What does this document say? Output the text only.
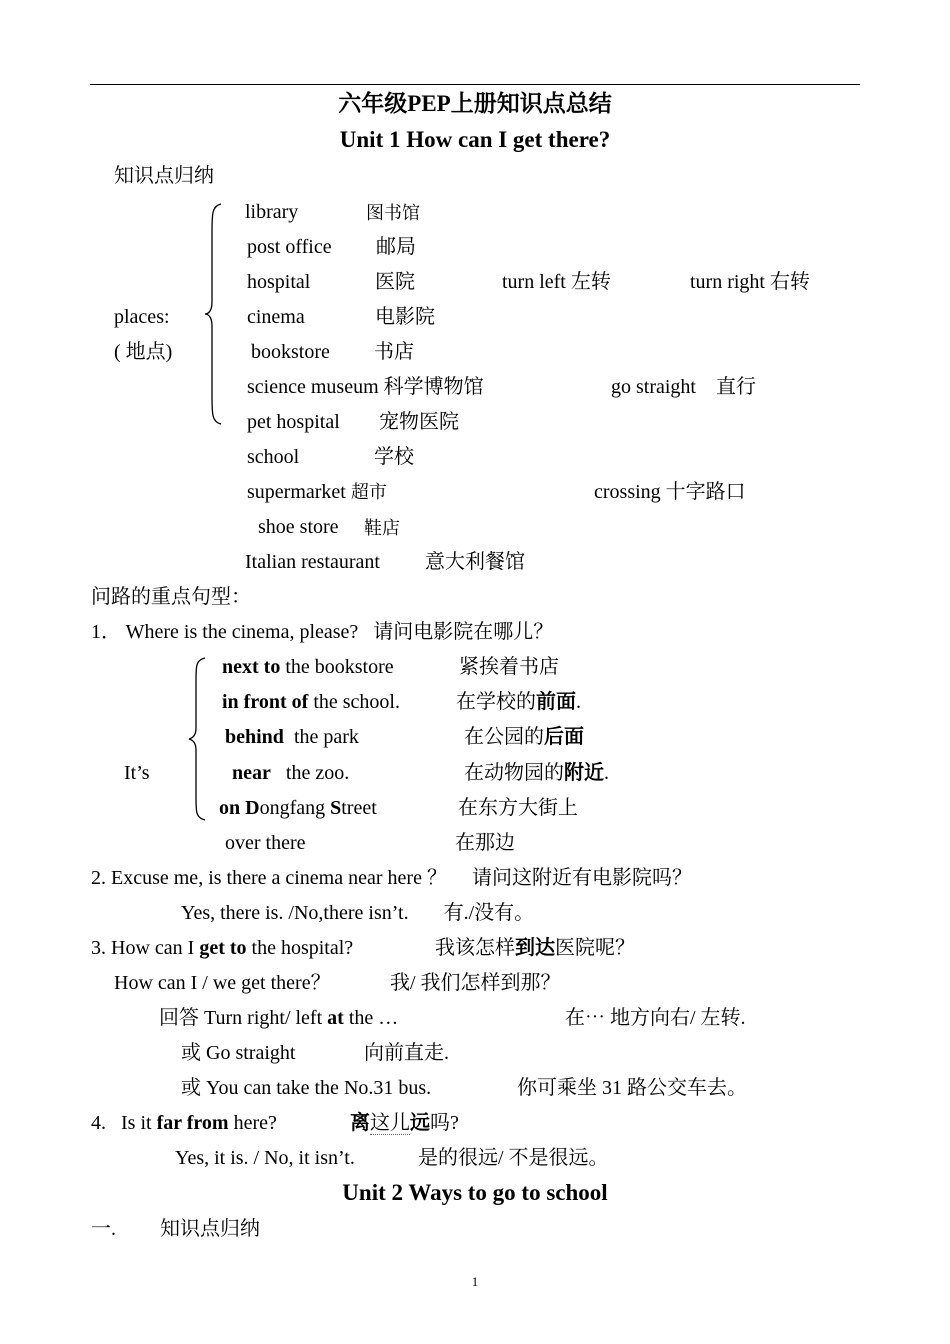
六年级PEP上册知识点总结
Unit 1 How can I get there?
知识点归纳
places:
( 地点)
library	图书馆
post office 邮局
hospital	医院	turn left 左转	turn right 右转
cinema	电影院
bookstore 书店
science museum 科学博物馆	go straight 直行
pet hospital 宠物医院
school	学校
supermarket 超市	crossing 十字路口
shoe store 鞋店
Italian restaurant 意大利餐馆
问路的重点句型：
1． Where is the cinema, please? 请问电影院在哪儿？
It’s
next to the bookstore	紧挨着书店
in front of the school.	在学校的前面.
behind  the park	在公园的后面
near   the zoo.	在动物园的附近.
on Dongfang Street	在东方大街上
over there	在那边
2. Excuse me, is there a cinema near here ？ 请问这附近有电影院吗？
Yes, there is. /No,there isn’t. 有./没有。
3. How can I get to the hospital?	我该怎样到达医院呢？
How can I / we get there？	我/ 我们怎样到那？
回答 Turn right/ left at the …	在⋯ 地方向右/ 左转.
或 Go straight	向前直走.
或 You can take the No.31 bus.	你可乘坐 31 路公交车去。
4. Is it far from here?	离这儿远吗?
Yes, it is. / No, it isn’t.	是的很远/ 不是很远。
Unit 2 Ways to go to school
一. 知识点归纳
1
